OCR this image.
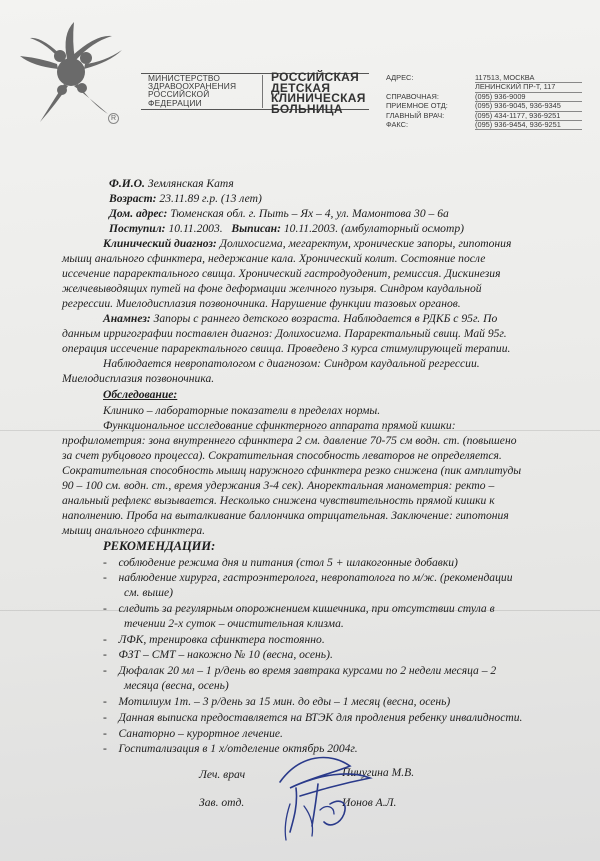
R
МИНИСТЕРСТВО
ЗДРАВООХРАНЕНИЯ
РОССИЙСКОЙ
ФЕДЕРАЦИИ
РОССИЙСКАЯ
ДЕТСКАЯ
КЛИНИЧЕСКАЯ
БОЛЬНИЦА
АДРЕС:	117513, МОСКВА
ЛЕНИНСКИЙ ПР-Т, 117
СПРАВОЧНАЯ:	(095) 936-9009
ПРИЕМНОЕ ОТД:	(095) 936-9045, 936-9345
ГЛАВНЫЙ ВРАЧ:	(095) 434-1177, 936-9251
ФАКС:	(095) 936-9454, 936-9251
Ф.И.О. Землянская Катя
Возраст: 23.11.89 г.р. (13 лет)
Дом. адрес: Тюменская обл. г. Пыть – Ях – 4, ул. Мамонтова 30 – 6а
Поступил: 10.11.2003. Выписан: 10.11.2003. (амбулаторный осмотр)
Клинический диагноз: Долихосигма, мегаректум, хронические запоры, гипотония
мышц анального сфинктера, недержание кала. Хронический колит. Состояние после
иссечение параректального свища. Хронический гастродуоденит, ремиссия. Дискинезия
желчевыводящих путей на фоне деформации желчного пузыря. Синдром каудальной
регрессии. Миелодисплазия позвоночника. Нарушение функции тазовых органов.
Анамнез: Запоры с раннего детского возраста. Наблюдается в РДКБ с 95г. По
данным ирригографии поставлен диагноз: Долихосигма. Параректальный свищ. Май 95г.
операция иссечение параректального свища. Проведено 3 курса стимулирующей терапии.
Наблюдается невропатологом с диагнозом: Синдром каудальной регрессии.
Миелодисплазия позвоночника.
Обследование:
Клинико – лабораторные показатели в пределах нормы.
Функциональное исследование сфинктерного аппарата прямой кишки:
профилометрия: зона внутреннего сфинктера 2 см. давление 70-75 см водн. ст. (повышено
за счет рубцового процесса). Сократительная способность леваторов не определяется.
Сократительная способность мышц наружного сфинктера резко снижена (пик амплитуды
90 – 100 см. водн. ст., время удержания 3-4 сек). Аноректальная манометрия: ректо –
анальный рефлекс вызывается. Несколько снижена чувствительность прямой кишки к
наполнению. Проба на выталкивание баллончика отрицательная. Заключение: гипотония
мышц анального сфинктера.
РЕКОМЕНДАЦИИ:
-    соблюдение режима дня и питания (стол 5 + шлакогонные добавки)
-    наблюдение хирурга, гастроэнтеролога, невропатолога по м/ж. (рекомендации
см. выше)
-    следить за регулярным опорожнением кишечника, при отсутствии стула в
течении 2-х суток – очистительная клизма.
-    ЛФК, тренировка сфинктера постоянно.
-    ФЗТ – СМТ – накожно № 10 (весна, осень).
-    Дюфалак 20 мл – 1 р/день во время завтрака курсами по 2 недели месяца – 2
месяца (весна, осень)
-    Мотилиум 1т. – 3 р/день за 15 мин. до еды – 1 месяц (весна, осень)
-    Данная выписка предоставляется на ВТЭК для продления ребенку инвалидности.
-    Санаторно – курортное лечение.
-    Госпитализация в 1 х/отделение октябрь 2004г.
Леч. врач	Пичугина М.В.
Зав. отд.	Ионов А.Л.
